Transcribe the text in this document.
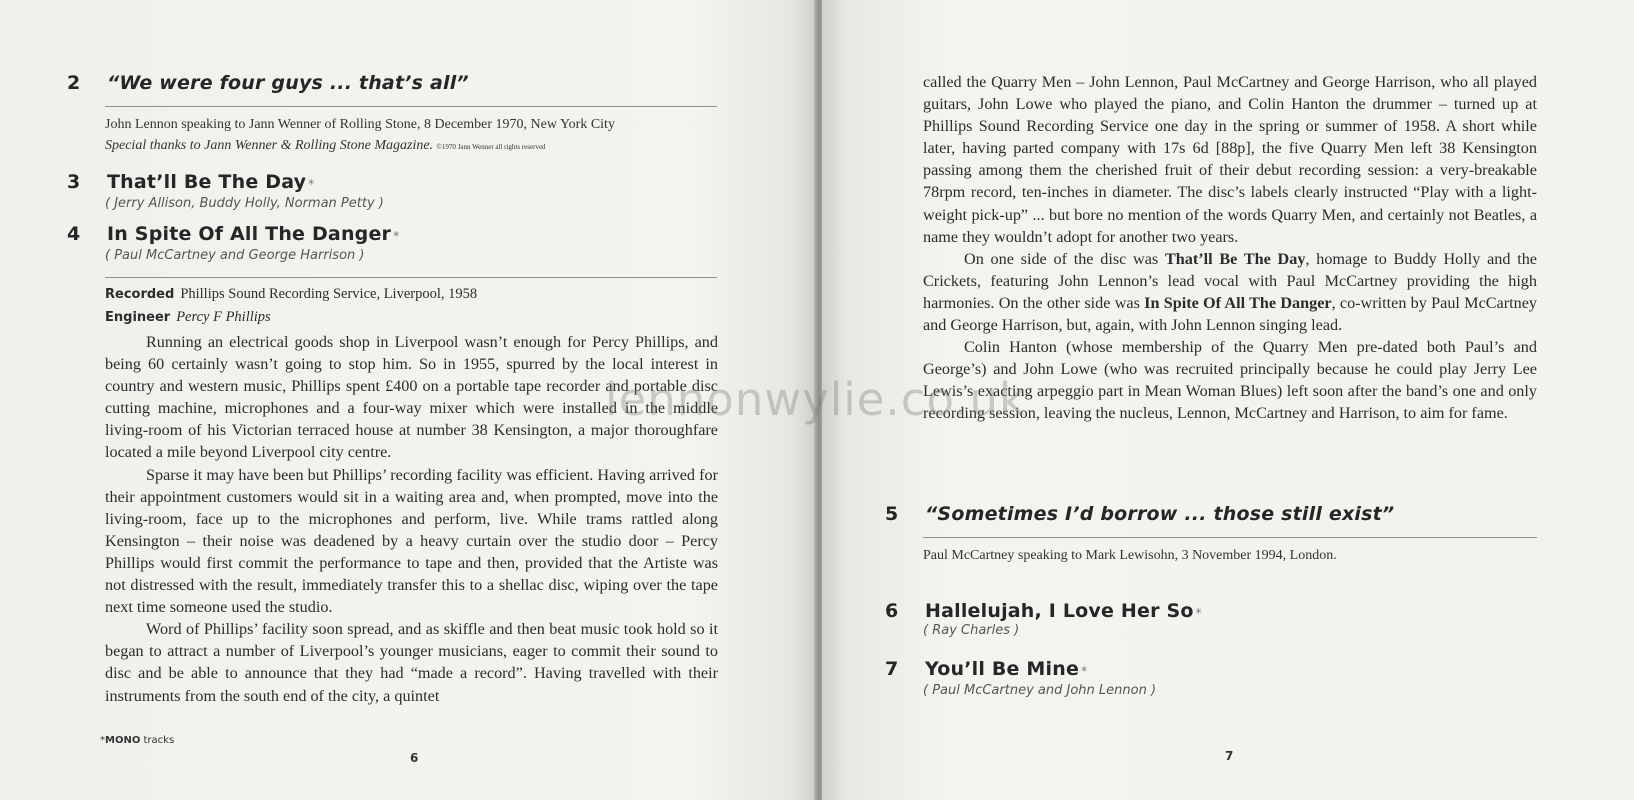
2	“We were four guys ... that’s all”
John Lennon speaking to Jann Wenner of Rolling Stone, 8 December 1970, New York City
Special thanks to Jann Wenner & Rolling Stone Magazine. ©1970 Jann Wenner all rights reserved
3	That’ll Be The Day *
( Jerry Allison, Buddy Holly, Norman Petty )
4	In Spite Of All The Danger *
( Paul McCartney and George Harrison )
Recorded Phillips Sound Recording Service, Liverpool, 1958
Engineer Percy F Phillips

Running an electrical goods shop in Liverpool wasn’t enough for Percy Phillips, and being 60 certainly wasn’t going to stop him. So in 1955, spurred by the local interest in country and western music, Phillips spent £400 on a portable tape recorder and portable disc cutting machine, microphones and a four-way mixer which were installed in the middle living-room of his Victorian terraced house at number 38 Kensington, a major thoroughfare located a mile beyond Liverpool city centre.

Sparse it may have been but Phillips’ recording facility was efficient. Having arrived for their appointment customers would sit in a waiting area and, when prompted, move into the living-room, face up to the microphones and perform, live. While trams rattled along Kensington – their noise was deadened by a heavy curtain over the studio door – Percy Phillips would first commit the performance to tape and then, provided that the Artiste was not distressed with the result, immediately transfer this to a shellac disc, wiping over the tape next time someone used the studio.

Word of Phillips’ facility soon spread, and as skiffle and then beat music took hold so it began to attract a number of Liverpool’s younger musicians, eager to commit their sound to disc and be able to announce that they had “made a record”. Having travelled with their instruments from the south end of the city, a quintet

*MONO tracks
6

called the Quarry Men – John Lennon, Paul McCartney and George Harrison, who all played guitars, John Lowe who played the piano, and Colin Hanton the drummer – turned up at Phillips Sound Recording Service one day in the spring or summer of 1958. A short while later, having parted company with 17s 6d [88p], the five Quarry Men left 38 Kensington passing among them the cherished fruit of their debut recording session: a very-breakable 78rpm record, ten-inches in diameter. The disc’s labels clearly instructed “Play with a light-weight pick-up” ... but bore no mention of the words Quarry Men, and certainly not Beatles, a name they wouldn’t adopt for another two years.

On one side of the disc was That’ll Be The Day, homage to Buddy Holly and the Crickets, featuring John Lennon’s lead vocal with Paul McCartney providing the high harmonies. On the other side was In Spite Of All The Danger, co-written by Paul McCartney and George Harrison, but, again, with John Lennon singing lead.

Colin Hanton (whose membership of the Quarry Men pre-dated both Paul’s and George’s) and John Lowe (who was recruited principally because he could play Jerry Lee Lewis’s exacting arpeggio part in Mean Woman Blues) left soon after the band’s one and only recording session, leaving the nucleus, Lennon, McCartney and Harrison, to aim for fame.

5	“Sometimes I’d borrow ... those still exist”
Paul McCartney speaking to Mark Lewisohn, 3 November 1994, London.
6	Hallelujah, I Love Her So *
( Ray Charles )
7	You’ll Be Mine *
( Paul McCartney and John Lennon )
7
lennonwylie.co.uk
